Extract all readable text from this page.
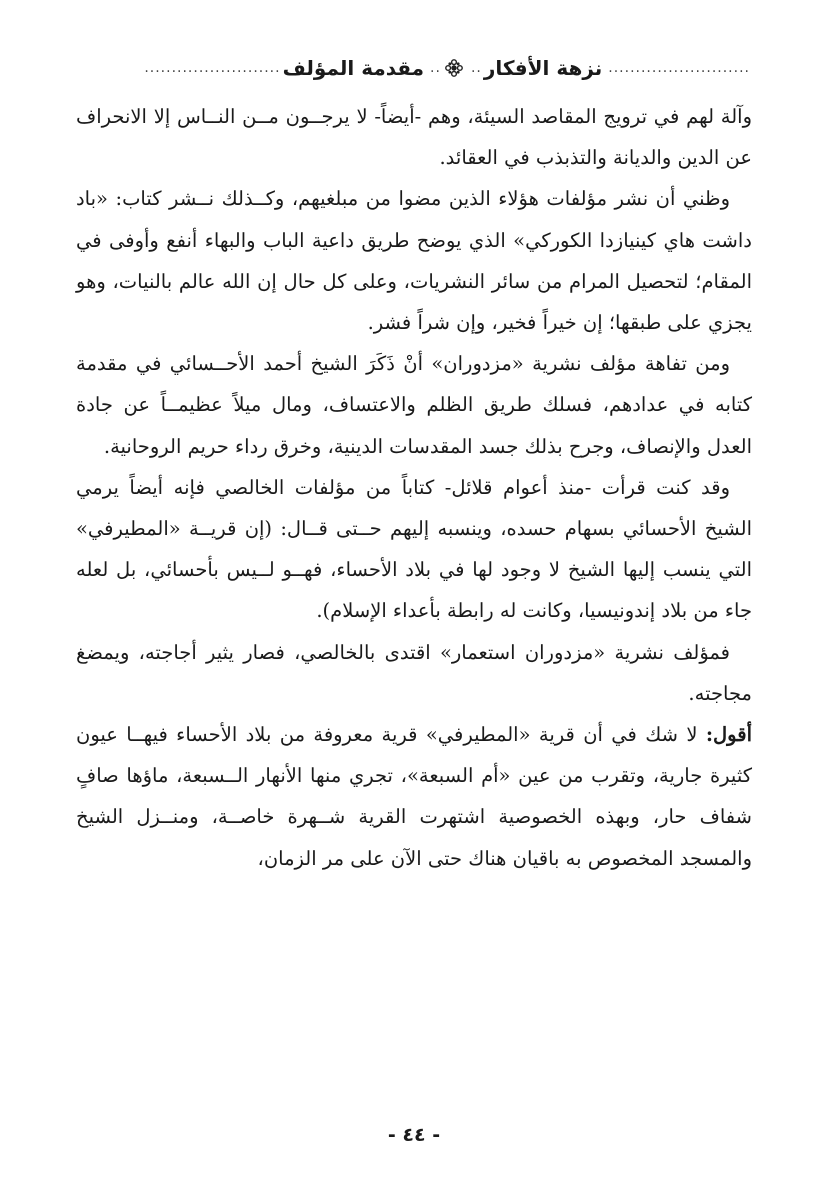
..........................
نزهة الأفكار
..
..
مقدمة المؤلف
.........................

وآلة لهم في ترويج المقاصد السيئة، وهم -أيضاً- لا يرجــون مــن النــاس إلا الانحراف عن الدين والديانة والتذبذب في العقائد.

وظني أن نشر مؤلفات هؤلاء الذين مضوا من مبلغيهم، وكــذلك نــشر كتاب: «باد داشت هاي كينيازدا الكوركي» الذي يوضح طريق داعية الباب والبهاء أنفع وأوفى في المقام؛ لتحصيل المرام من سائر النشريات، وعلى كل حال إن الله عالم بالنيات، وهو يجزي على طبقها؛ إن خيراً فخير، وإن شراً فشر.

ومن تفاهة مؤلف نشرية «مزدوران» أنْ ذَكَرَ الشيخ أحمد الأحــسائي في مقدمة كتابه في عدادهم، فسلك طريق الظلم والاعتساف، ومال ميلاً عظيمــاً عن جادة العدل والإنصاف، وجرح بذلك جسد المقدسات الدينية، وخرق رداء حريم الروحانية.

وقد كنت قرأت -منذ أعوام قلائل- كتاباً من مؤلفات الخالصي فإنه أيضاً يرمي الشيخ الأحسائي بسهام حسده، وينسبه إليهم حــتى قــال: (إن قريــة «المطيرفي» التي ينسب إليها الشيخ لا وجود لها في بلاد الأحساء، فهــو لــيس بأحسائي، بل لعله جاء من بلاد إندونيسيا، وكانت له رابطة بأعداء الإسلام).

فمؤلف نشرية «مزدوران استعمار» اقتدى بالخالصي، فصار يثير أجاجته، ويمضغ مجاجته.

أقول: لا شك في أن قرية «المطيرفي» قرية معروفة من بلاد الأحساء فيهــا عيون كثيرة جارية، وتقرب من عين «أم السبعة»، تجري منها الأنهار الــسبعة، ماؤها صافٍ شفاف حار، وبهذه الخصوصية اشتهرت القرية شــهرة خاصــة، ومنــزل الشيخ والمسجد المخصوص به باقيان هناك حتى الآن على مر الزمان،

- ٤٤ -
